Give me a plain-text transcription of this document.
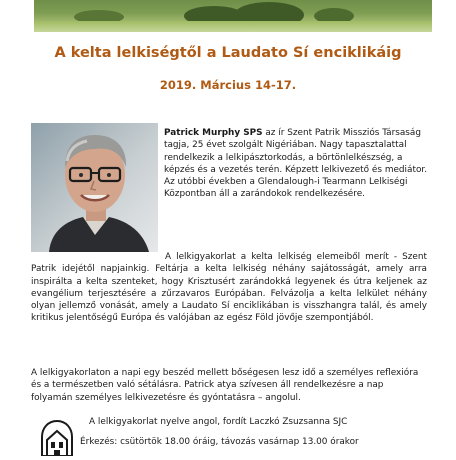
A kelta lelkiségtől a Laudato Sí enciklikáig
2019. Március 14-17.
Patrick Murphy SPS az ír Szent Patrik Missziós Társaság tagja, 25 évet szolgált Nigériában. Nagy tapasztalattal rendelkezik a lelkipásztorkodás, a börtönlelkészség, a képzés és a vezetés terén. Képzett lelkivezető és mediátor. Az utóbbi években a Glendalough-i Tearmann Lelkiségi Központban áll a zarándokok rendelkezésére.
A lelkigyakorlat a kelta lelkiség elemeiből merít - Szent Patrik idejétől napjainkig. Feltárja a kelta lelkiség néhány sajátosságát, amely arra inspirálta a kelta szenteket, hogy Krisztusért zarándokká legyenek és útra keljenek az evangélium terjesztésére a zűrzavaros Európában. Felvázolja a kelta lelkület néhány olyan jellemző vonását, amely a Laudato Sí enciklikában is visszhangra talál, és amely kritikus jelentőségű Európa és valójában az egész Föld jövője szempontjából.
A lelkigyakorlaton a napi egy beszéd mellett bőségesen lesz idő a személyes reflexióra és a természetben való sétálásra. Patrick atya szívesen áll rendelkezésre a nap folyamán személyes lelkivezetésre és gyóntatásra – angolul.
A lelkigyakorlat nyelve angol, fordít Laczkó Zsuzsanna SJC
Érkezés: csütörtök 18.00 óráig, távozás vasárnap 13.00 órakor
